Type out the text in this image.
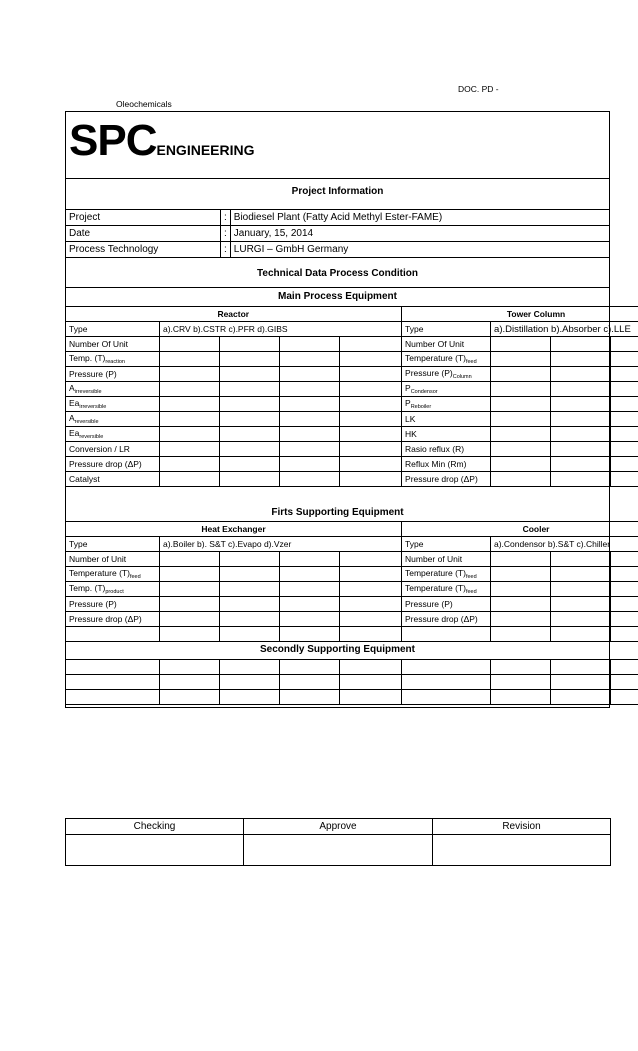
DOC. PD -
Oleochemicals
SPCENGINEERING
Project Information
Project	:	Biodiesel Plant (Fatty Acid Methyl Ester-FAME)
Date	:	January, 15, 2014
Process Technology	:	LURGI – GmbH Germany
Technical Data Process Condition
Main Process Equipment
Reactor					Tower Column			
Type	a).CRV b).CSTR c).PFR d).GIBS				Type	a).Distillation b).Absorber c).LLE		
Number Of Unit					Number Of Unit			
Temp. $(T)_{reaction}$					Temperature $(T)_{feed}$			
Pressure (P)					Pressure $(P)_{Column}$			
$A_{irreversible}$					$P_{Condensor}$			
$Ea_{irreversible}$					$P_{Reboiler}$			
$A_{reversible}$					LK			
$Ea_{reversible}$					HK			
Conversion / LR					Rasio reflux (R)			
Pressure drop (ΔP)					Reflux Min (Rm)			
Catalyst					Pressure drop (ΔP)			
Firts Supporting Equipment
Heat Exchanger					Cooler			
Type	a).Boiler b). S&T c).Evapo d).Vzer				Type	a).Condensor b).S&T c).Chiller		
Number of Unit					Number of Unit			
Temperature $(T)_{feed}$					Temperature $(T)_{feed}$			
Temp. $(T)_{product}$					Temperature $(T)_{feed}$			
Pressure (P)					Pressure (P)			
Pressure drop (ΔP)					Pressure drop (ΔP)			

Secondly Supporting Equipment

Checking	Approve	Revision
